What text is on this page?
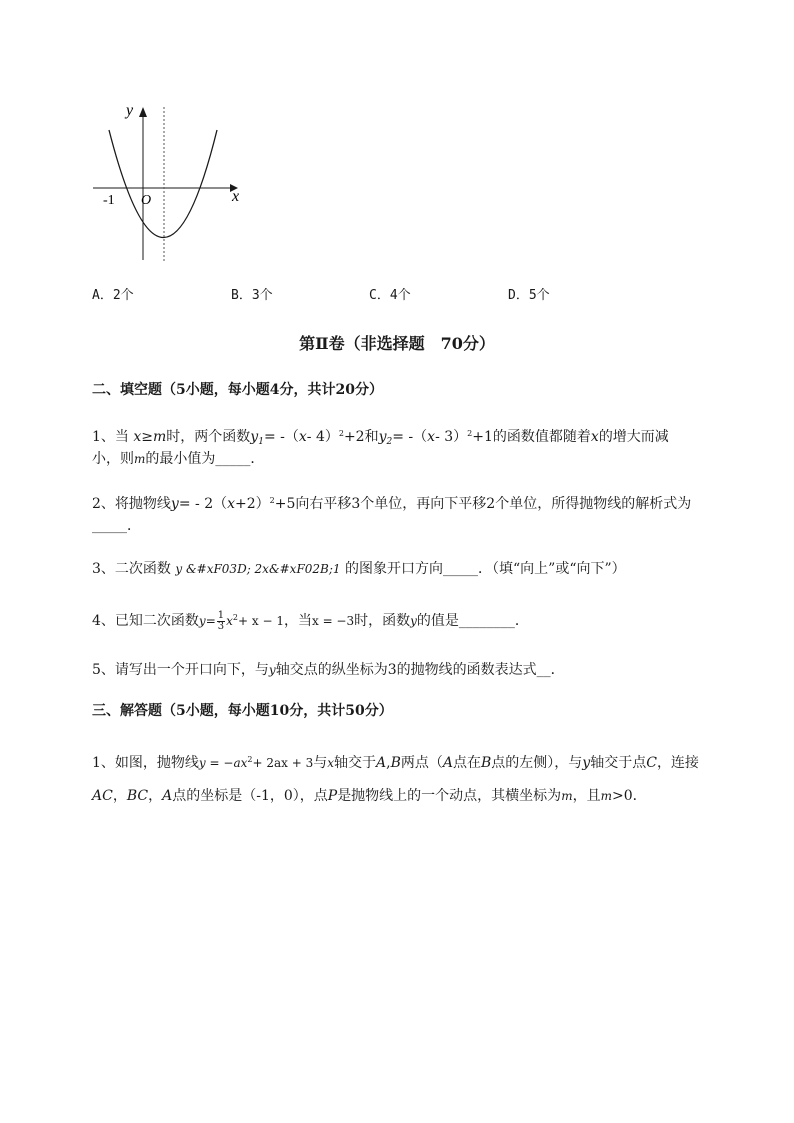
y
x
O
-1
A．2个	B．3个	C．4个	D．5个
第Ⅱ卷（非选择题　70分）
二、填空题（5小题，每小题4分，共计20分）
1、当 x≥m时，两个函数$y_1= -(x-$ 4）$^2$+2和$y_2= -(x-$ 3）$^2$+1的函数值都随着x的增大而减
小，则m的最小值为_____．
2、将抛物线$y= - 2(x+2)^2+5$向右平移3个单位，再向下平移2个单位，所得抛物线的解析式为
_____．
3、二次函数 y &#xF03D; 2x&#xF02B;1 的图象开口方向_____．（填“向上”或“向下”）
4、已知二次函数$y= \frac{1}{3} x^2+ x - 1$，当x = −3时，函数y的值是________．
5、请写出一个开口向下，与y轴交点的纵坐标为3的抛物线的函数表达式__．
三、解答题（5小题，每小题10分，共计50分）
1、如图，抛物线$y = -ax^2+ 2ax + 3$与x轴交于A,B两点（A点在B点的左侧），与y轴交于点C，连接
AC，BC，A点的坐标是（-1，0），点P是抛物线上的一个动点，其横坐标为m，且m>0．
